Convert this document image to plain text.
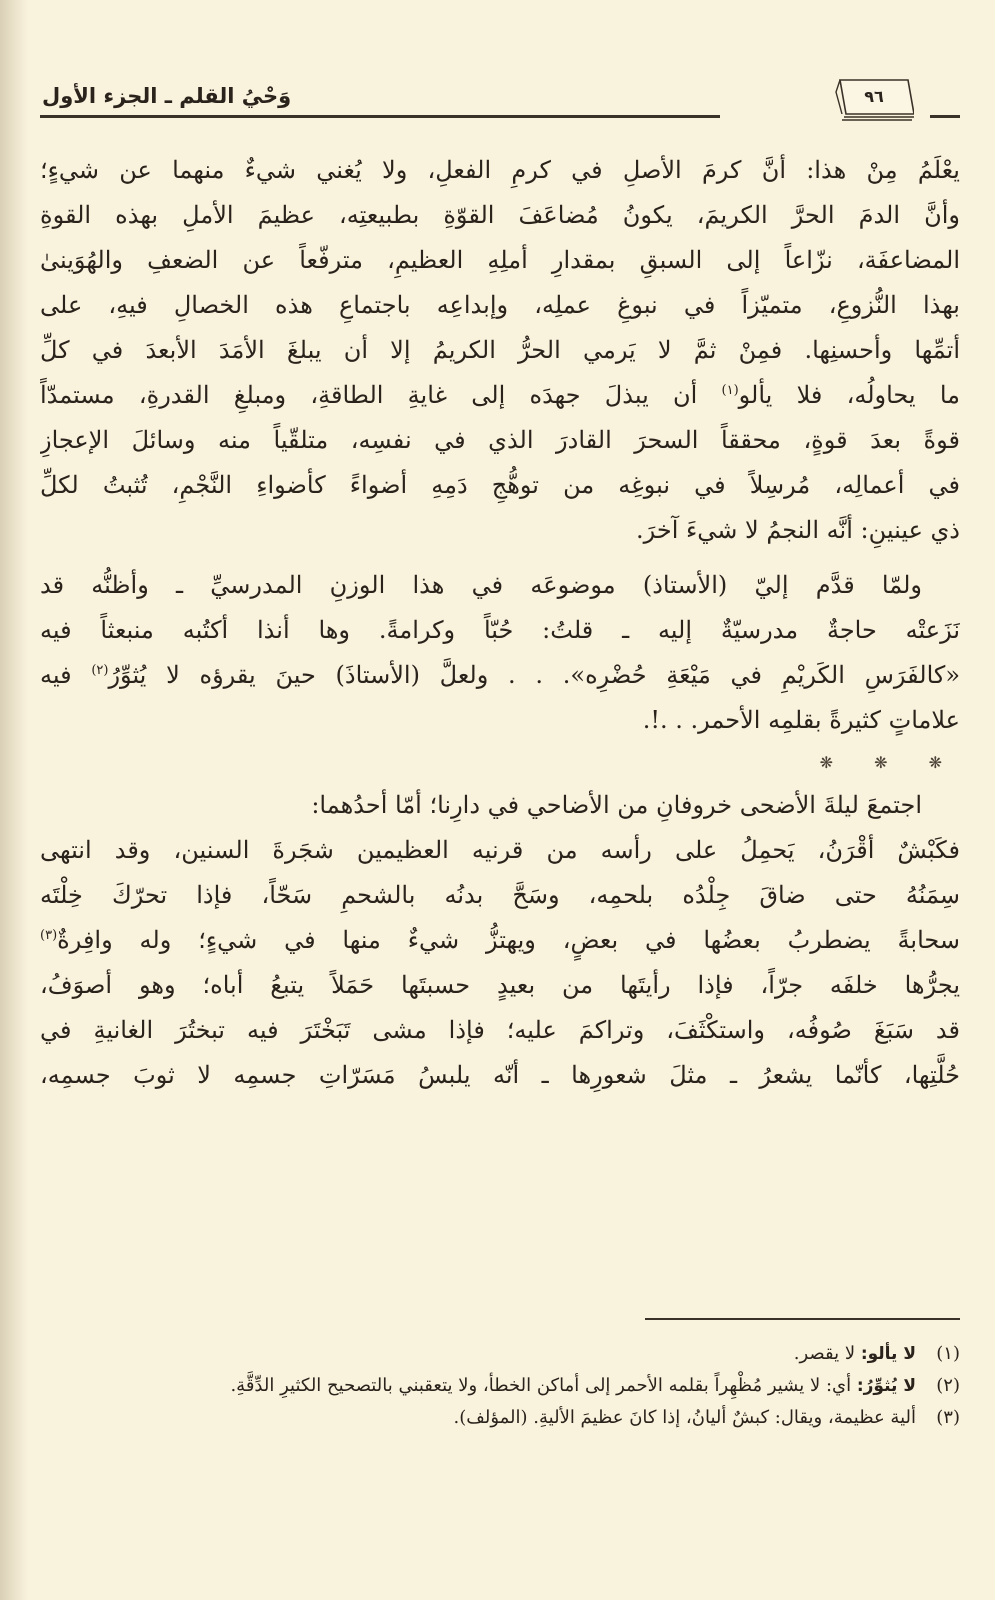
٩٦
وَحْيُ القلم ـ الجزء الأول
يعْلَمُ مِنْ هذا: أنَّ كرمَ الأصلِ في كرمِ الفعلِ، ولا يُغني شيءٌ منهما عن شيءٍ؛
وأنَّ الدمَ الحرَّ الكريمَ، يكونُ مُضاعَفَ القوّةِ بطبيعتِه، عظيمَ الأملِ بهذه القوةِ
المضاعفَة، نزّاعاً إلى السبقِ بمقدارِ أملِهِ العظيمِ، مترفّعاً عن الضعفِ والهُوَينىٰ
بهذا النُّزوعِ، متميّزاً في نبوغِ عملِه، وإبداعِه باجتماعِ هذه الخصالِ فيهِ، على
أتمِّها وأحسنِها. فمِنْ ثمَّ لا يَرمي الحرُّ الكريمُ إلا أن يبلغَ الأمَدَ الأبعدَ في كلِّ
ما يحاولُه، فلا يألو$^{(١)}$ أن يبذلَ جهدَه إلى غايةِ الطاقةِ، ومبلغِ القدرةِ، مستمدّاً
قوةً بعدَ قوةٍ، محققاً السحرَ القادرَ الذي في نفسِه، متلقّياً منه وسائلَ الإعجازِ
في أعمالِه، مُرسِلاً في نبوغِه من توهُّجِ دَمِهِ أضواءً كأضواءِ النَّجْمِ، تُثبتُ لكلِّ
ذي عينينِ: أنَّه النجمُ لا شيءَ آخرَ.
ولمّا قدَّم إليّ (الأستاذ) موضوعَه في هذا الوزنِ المدرسيِّ ـ وأظنُّه قد
نَزَعتْه حاجةٌ مدرسيّةٌ إليه ـ قلتُ: حُبّاً وكرامةً. وها أنذا أكتُبه منبعثاً فيه
«كالفَرَسِ الكَريْمِ في مَيْعَةِ حُضْرِه». . . ولعلَّ (الأستاذَ) حينَ يقرؤه لا يُثوِّرُ$^{(٢)}$ فيه
علاماتٍ كثيرةً بقلمِه الأحمر. . .!.
❋ ❋ ❋
اجتمعَ ليلةَ الأضحى خروفانِ من الأضاحي في دارِنا؛ أمّا أحدُهما:
فكَبْشٌ أقْرَنُ، يَحمِلُ على رأسه من قرنيه العظيمين شجَرةَ السنين، وقد انتهى
سِمَنُهُ حتى ضاقَ جِلْدُه بلحمِه، وسَحَّ بدنُه بالشحمِ سَحّاً، فإذا تحرّكَ خِلْتَه
سحابةً يضطربُ بعضُها في بعضٍ، ويهتزُّ شيءٌ منها في شيءٍ؛ وله وافِرةٌ$^{(٣)}$
يجرُّها خلفَه جرّاً، فإذا رأيتَها من بعيدٍ حسبتَها حَمَلاً يتبعُ أباه؛ وهو أصوَفُ،
قد سَبَغَ صُوفُه، واستكْثَفَ، وتراكمَ عليه؛ فإذا مشى تَبَخْتَرَ فيه تبختُرَ الغانيةِ في
حُلَّتِها، كأنّما يشعرُ ـ مثلَ شعورِها ـ أنّه يلبسُ مَسَرّاتِ جسمِه لا ثوبَ جسمِه،
(١)
لا يألو: لا يقصر.
(٢)
لا يُثوِّرُ: أي: لا يشير مُظْهِراً بقلمه الأحمر إلى أماكن الخطأ، ولا يتعقبني بالتصحيح الكثيرِ الدِّقَّةِ.
(٣)
ألية عظيمة، ويقال: كبشٌ أليانُ، إذا كانَ عظيمَ الأليةِ. (المؤلف).
